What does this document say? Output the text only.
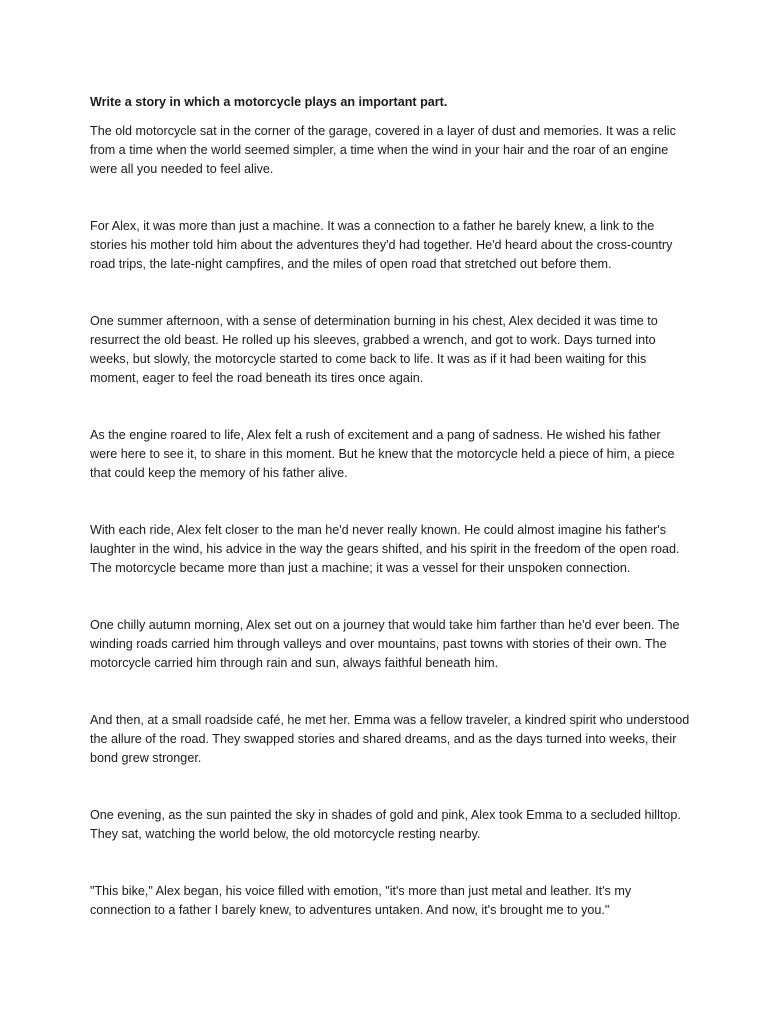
Write a story in which a motorcycle plays an important part.

The old motorcycle sat in the corner of the garage, covered in a layer of dust and memories. It was a relic from a time when the world seemed simpler, a time when the wind in your hair and the roar of an engine were all you needed to feel alive.

For Alex, it was more than just a machine. It was a connection to a father he barely knew, a link to the stories his mother told him about the adventures they'd had together. He'd heard about the cross-country road trips, the late-night campfires, and the miles of open road that stretched out before them.

One summer afternoon, with a sense of determination burning in his chest, Alex decided it was time to resurrect the old beast. He rolled up his sleeves, grabbed a wrench, and got to work. Days turned into weeks, but slowly, the motorcycle started to come back to life. It was as if it had been waiting for this moment, eager to feel the road beneath its tires once again.

As the engine roared to life, Alex felt a rush of excitement and a pang of sadness. He wished his father were here to see it, to share in this moment. But he knew that the motorcycle held a piece of him, a piece that could keep the memory of his father alive.

With each ride, Alex felt closer to the man he'd never really known. He could almost imagine his father's laughter in the wind, his advice in the way the gears shifted, and his spirit in the freedom of the open road. The motorcycle became more than just a machine; it was a vessel for their unspoken connection.

One chilly autumn morning, Alex set out on a journey that would take him farther than he'd ever been. The winding roads carried him through valleys and over mountains, past towns with stories of their own. The motorcycle carried him through rain and sun, always faithful beneath him.

And then, at a small roadside café, he met her. Emma was a fellow traveler, a kindred spirit who understood the allure of the road. They swapped stories and shared dreams, and as the days turned into weeks, their bond grew stronger.

One evening, as the sun painted the sky in shades of gold and pink, Alex took Emma to a secluded hilltop. They sat, watching the world below, the old motorcycle resting nearby.

"This bike," Alex began, his voice filled with emotion, "it's more than just metal and leather. It's my connection to a father I barely knew, to adventures untaken. And now, it's brought me to you."
